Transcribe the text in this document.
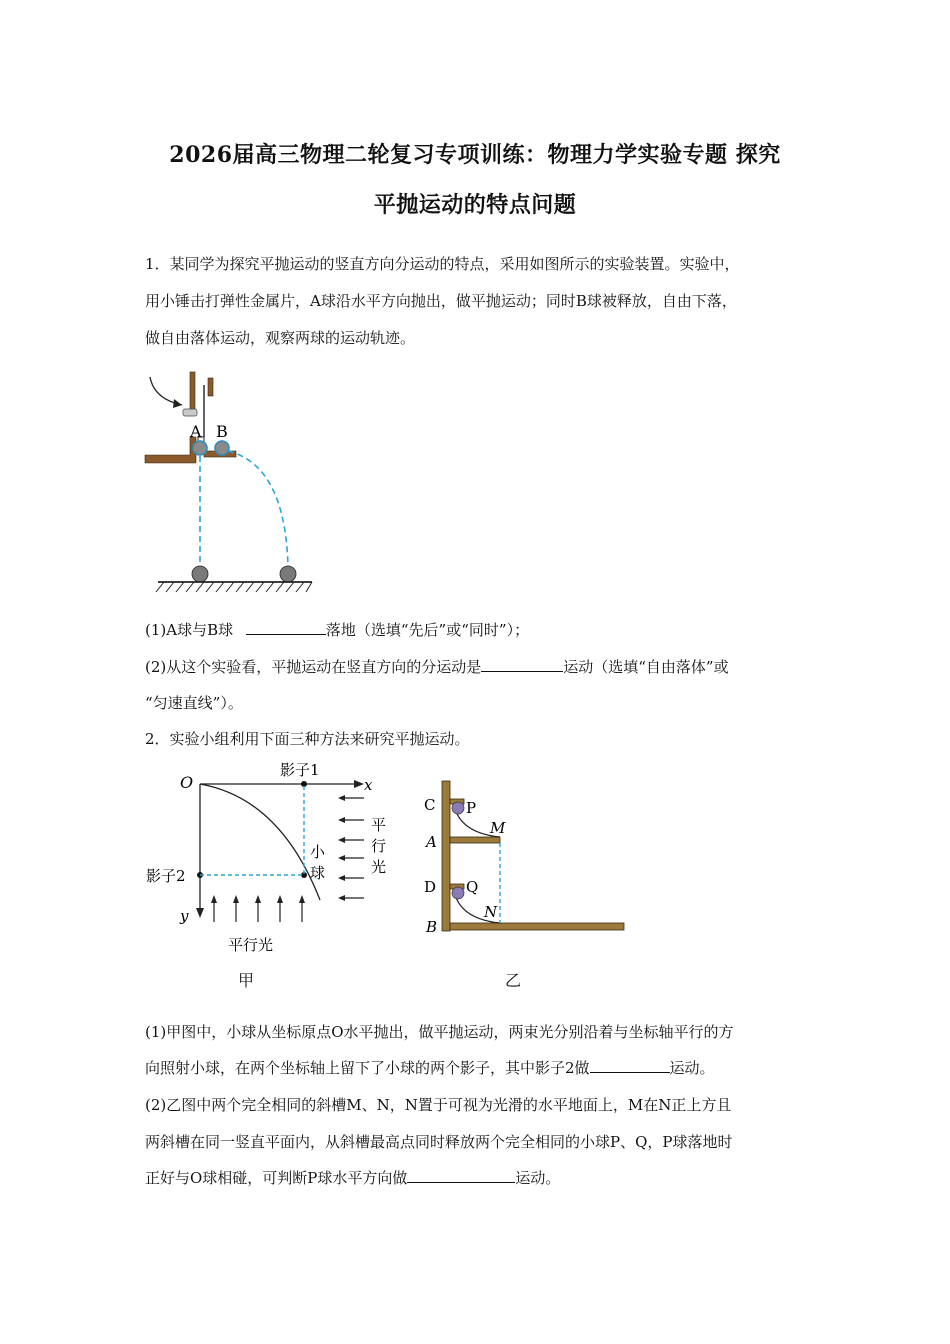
2026届高三物理二轮复习专项训练：物理力学实验专题 探究
平抛运动的特点问题
1．某同学为探究平抛运动的竖直方向分运动的特点，采用如图所示的实验装置。实验中，
用小锤击打弹性金属片，A球沿水平方向抛出，做平抛运动；同时B球被释放，自由下落，
做自由落体运动，观察两球的运动轨迹。
A B
(1)A球与B球	落地（选填“先后”或“同时”）；
(2)从这个实验看，平抛运动在竖直方向的分运动是	运动（选填“自由落体”或
“匀速直线”）。
2．实验小组利用下面三种方法来研究平抛运动。
O	x
y
影子1
影子2
小
球
平
行
光
平行光
甲
C P
M
A
D Q
N
B
乙
(1)甲图中，小球从坐标原点O水平抛出，做平抛运动，两束光分别沿着与坐标轴平行的方
向照射小球，在两个坐标轴上留下了小球的两个影子，其中影子2做	运动。
(2)乙图中两个完全相同的斜槽M、N，N置于可视为光滑的水平地面上，M在N正上方且
两斜槽在同一竖直平面内，从斜槽最高点同时释放两个完全相同的小球P、Q，P球落地时
正好与O球相碰，可判断P球水平方向做	运动。
